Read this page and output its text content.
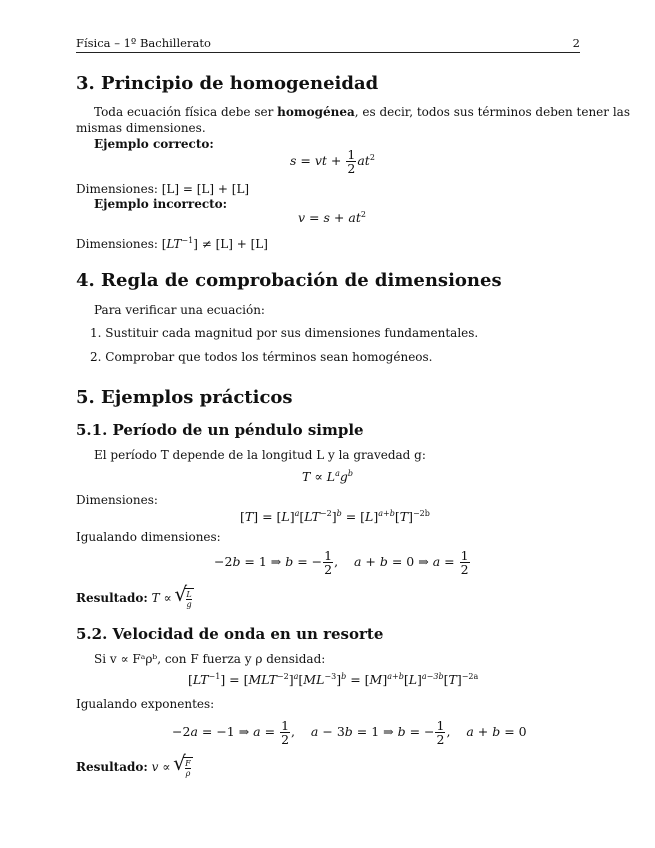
Física – 1º Bachillerato	2
3. Principio de homogeneidad
Toda ecuación física debe ser homogénea, es decir, todos sus términos deben tener las
mismas dimensiones.
Ejemplo correcto:
s = vt + $\frac{1}{2} at^2$
Dimensiones: [L] = [L] + [L]
Ejemplo incorrecto:
$v = s + at^2$
Dimensiones: $[LT^{-1}] \ne [L] + [L]$
4. Regla de comprobación de dimensiones
Para verificar una ecuación:
1. Sustituir cada magnitud por sus dimensiones fundamentales.
2. Comprobar que todos los términos sean homogéneos.
5. Ejemplos prácticos
5.1. Período de un péndulo simple
El período T depende de la longitud L y la gravedad g:
$T \propto L^ag^b$
Dimensiones:
$[T] = [L]^a[LT^{-2}]^b = [L]^{a+b}[T]^{-2b}$
Igualando dimensiones:
−2b = 1 ⇒ b = − $\frac{1}{2}$ ,    a + b = 0 ⇒ $a = \frac{1}{2}$
Resultado: T ∝ √ $\frac{L}{g}$
5.2. Velocidad de onda en un resorte
Si v ∝ Fᵃρᵇ, con F fuerza y ρ densidad:
$[LT^{-1}] = [MLT^{-2}]^a[ML^{-3}]^b = [M]^{a+b}[L]^{a-3b}[T]^{-2a}$
Igualando exponentes:
−2a = −1 ⇒ $a = \frac{1}{2}$ ,    a − 3b = 1 ⇒ b = − $\frac{1}{2}$ ,    a + b = 0
Resultado: v ∝ √ $\frac{F}{\rho}$
